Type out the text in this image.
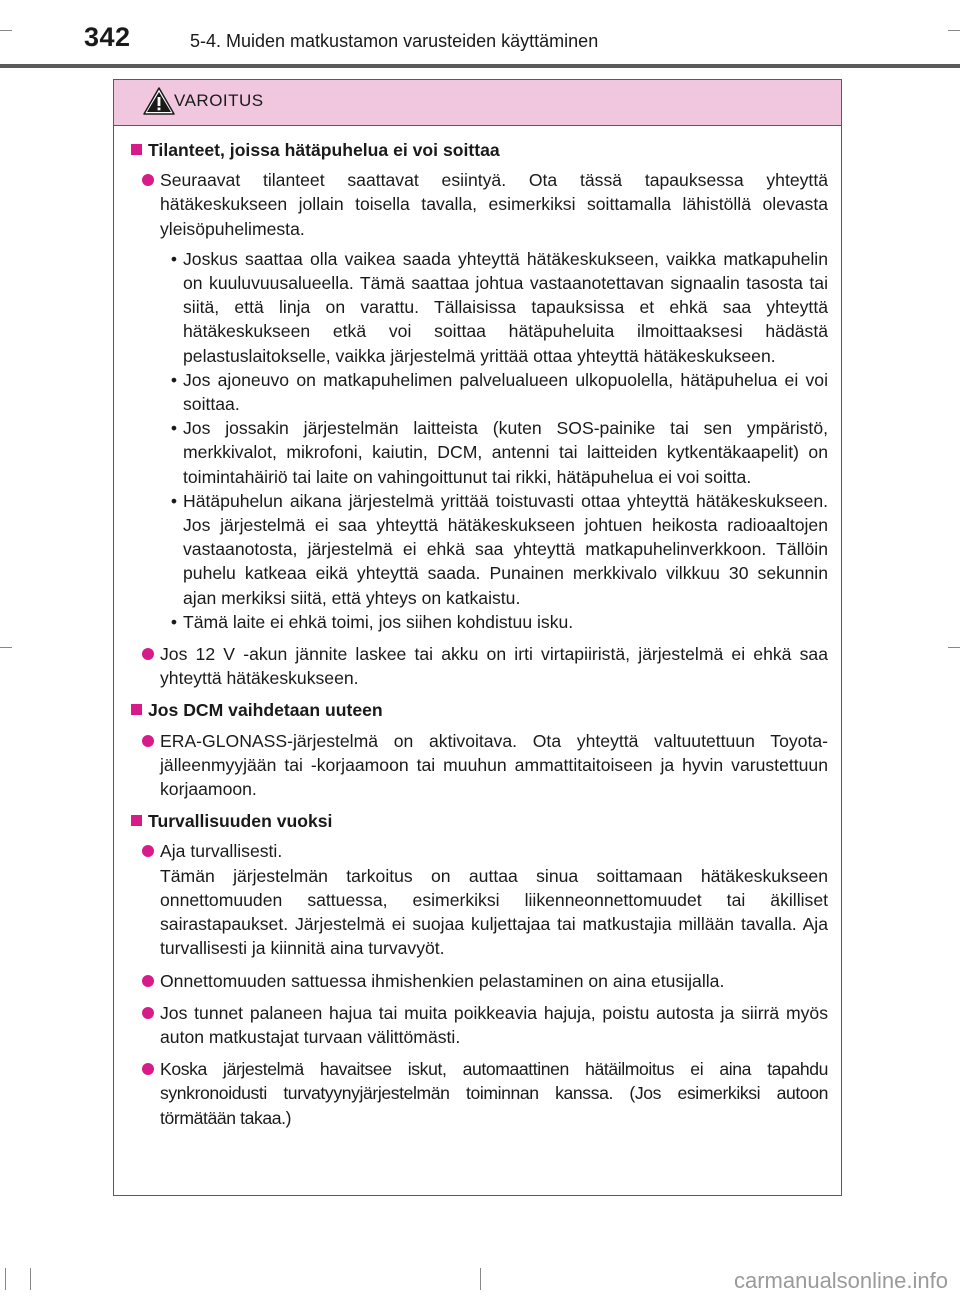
342	5-4. Muiden matkustamon varusteiden käyttäminen
VAROITUS
Tilanteet, joissa hätäpuhelua ei voi soittaa
Seuraavat tilanteet saattavat esiintyä. Ota tässä tapauksessa yhteyttä hätäkeskukseen jollain toisella tavalla, esimerkiksi soittamalla lähistöllä olevasta yleisöpuhelimesta.
• Joskus saattaa olla vaikea saada yhteyttä hätäkeskukseen, vaikka matkapuhelin on kuuluvuusalueella. Tämä saattaa johtua vastaanotettavan signaalin tasosta tai siitä, että linja on varattu. Tällaisissa tapauksissa et ehkä saa yhteyttä hätäkeskukseen etkä voi soittaa hätäpuheluita ilmoittaaksesi hädästä pelastuslaitokselle, vaikka järjestelmä yrittää ottaa yhteyttä hätäkeskukseen.
• Jos ajoneuvo on matkapuhelimen palvelualueen ulkopuolella, hätäpuhelua ei voi soittaa.
• Jos jossakin järjestelmän laitteista (kuten SOS-painike tai sen ympäristö, merkkivalot, mikrofoni, kaiutin, DCM, antenni tai laitteiden kytkentäkaapelit) on toimintahäiriö tai laite on vahingoittunut tai rikki, hätäpuhelua ei voi soitta.
• Hätäpuhelun aikana järjestelmä yrittää toistuvasti ottaa yhteyttä hätäkeskukseen. Jos järjestelmä ei saa yhteyttä hätäkeskukseen johtuen heikosta radioaaltojen vastaanotosta, järjestelmä ei ehkä saa yhteyttä matkapuhelinverkkoon. Tällöin puhelu katkeaa eikä yhteyttä saada. Punainen merkkivalo vilkkuu 30 sekunnin ajan merkiksi siitä, että yhteys on katkaistu.
• Tämä laite ei ehkä toimi, jos siihen kohdistuu isku.
Jos 12 V -akun jännite laskee tai akku on irti virtapiiristä, järjestelmä ei ehkä saa yhteyttä hätäkeskukseen.
Jos DCM vaihdetaan uuteen
ERA-GLONASS-järjestelmä on aktivoitava. Ota yhteyttä valtuutettuun Toyota-jälleenmyyjään tai -korjaamoon tai muuhun ammattitaitoiseen ja hyvin varustettuun korjaamoon.
Turvallisuuden vuoksi
Aja turvallisesti.
Tämän järjestelmän tarkoitus on auttaa sinua soittamaan hätäkeskukseen onnettomuuden sattuessa, esimerkiksi liikenneonnettomuudet tai äkilliset sairastapaukset. Järjestelmä ei suojaa kuljettajaa tai matkustajia millään tavalla. Aja turvallisesti ja kiinnitä aina turvavyöt.
Onnettomuuden sattuessa ihmishenkien pelastaminen on aina etusijalla.
Jos tunnet palaneen hajua tai muita poikkeavia hajuja, poistu autosta ja siirrä myös auton matkustajat turvaan välittömästi.
Koska järjestelmä havaitsee iskut, automaattinen hätäilmoitus ei aina tapahdu synkronoidusti turvatyynyjärjestelmän toiminnan kanssa. (Jos esimerkiksi autoon törmätään takaa.)
carmanualsonline.info
